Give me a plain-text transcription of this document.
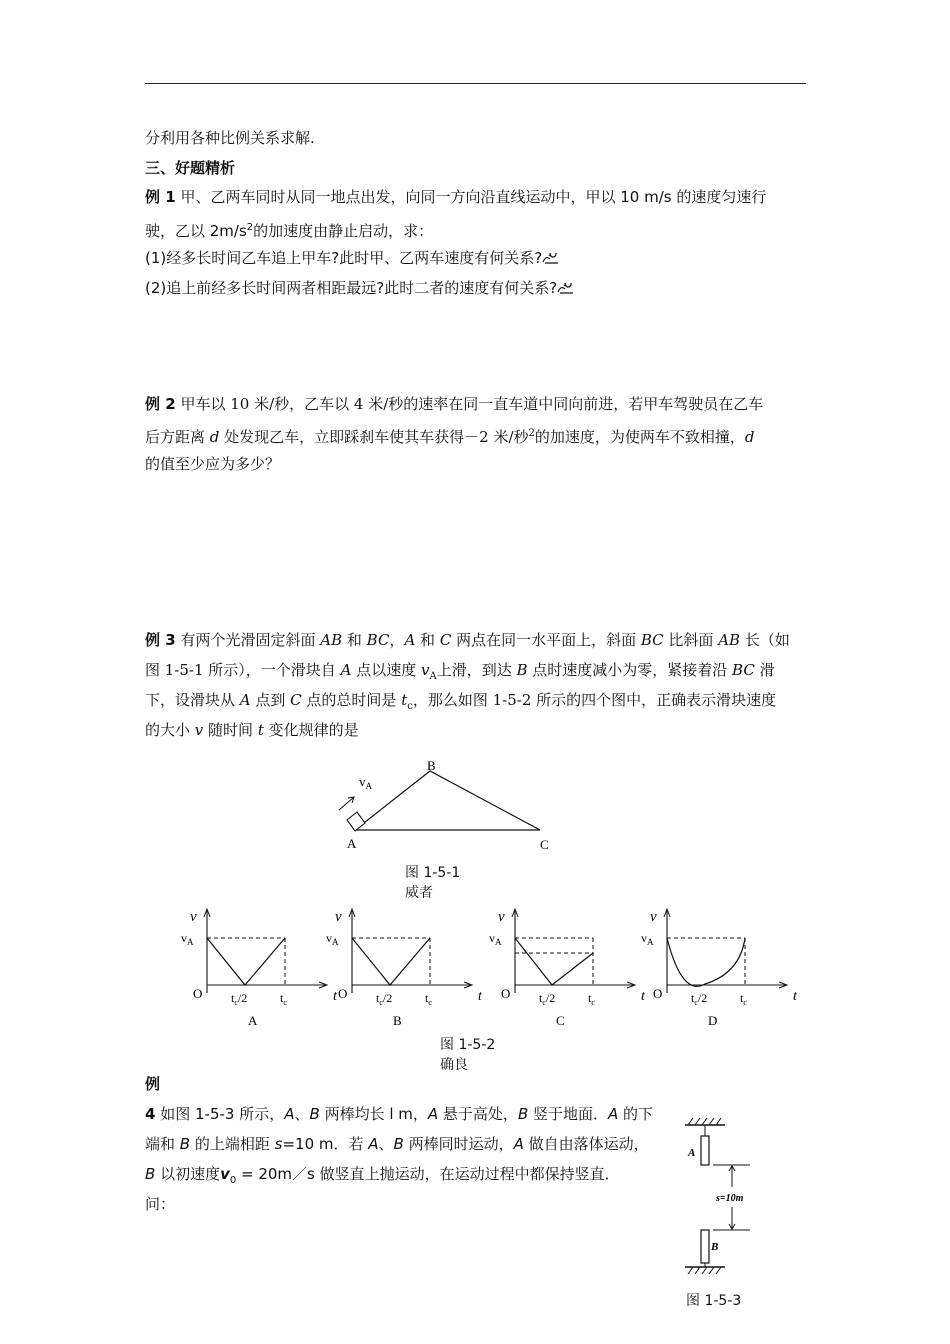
分利用各种比例关系求解.
三、好题精析
例 1 甲、乙两车同时从同一地点出发，向同一方向沿直线运动中，甲以 10 m/s 的速度匀速行
驶，乙以 $2m/s^2$的加速度由静止启动，求：
(1)经多长时间乙车追上甲车?此时甲、乙两车速度有何关系?
(2)追上前经多长时间两者相距最远?此时二者的速度有何关系?
例 2 甲车以 10 米/秒，乙车以 4 米/秒的速率在同一直车道中同向前进，若甲车驾驶员在乙车
后方距离 d 处发现乙车，立即踩刹车使其车获得－2 米/秒$^2$的加速度，为使两车不致相撞，d
的值至少应为多少？
例 3 有两个光滑固定斜面 AB 和 BC，A 和 C 两点在同一水平面上，斜面 BC 比斜面 AB 长（如
图 1-5-1 所示），一个滑块自 A 点以速度 $v_A$上滑，到达 B 点时速度减小为零，紧接着沿 BC 滑
下，设滑块从 A 点到 C 点的总时间是 $t_c$，那么如图 1-5-2 所示的四个图中，正确表示滑块速度
的大小 v 随时间 t 变化规律的是
$v_A$
A
B
C
图 1-5-1
威者
v
$v_A$
O $t_c/2$	$t_c$	t
A
v
$v_A$
O $t_c/2$	$t_c$	t
B
v
$v_A$
O $t_c/2$	$t_c$	t
C
v
$v_A$
O $t_c/2$	$t_c$	t
D
图 1-5-2
确良
例
4 如图 1-5-3 所示，A、B 两棒均长 l m，A 悬于高处，B 竖于地面．A 的下
端和 B 的上端相距 s=10 m．若 A、B 两棒同时运动，A 做自由落体运动，
B 以初速度$v_0$ = 20m／s 做竖直上抛运动，在运动过程中都保持竖直．
问：
A
s=10m
B
图 1-5-3
